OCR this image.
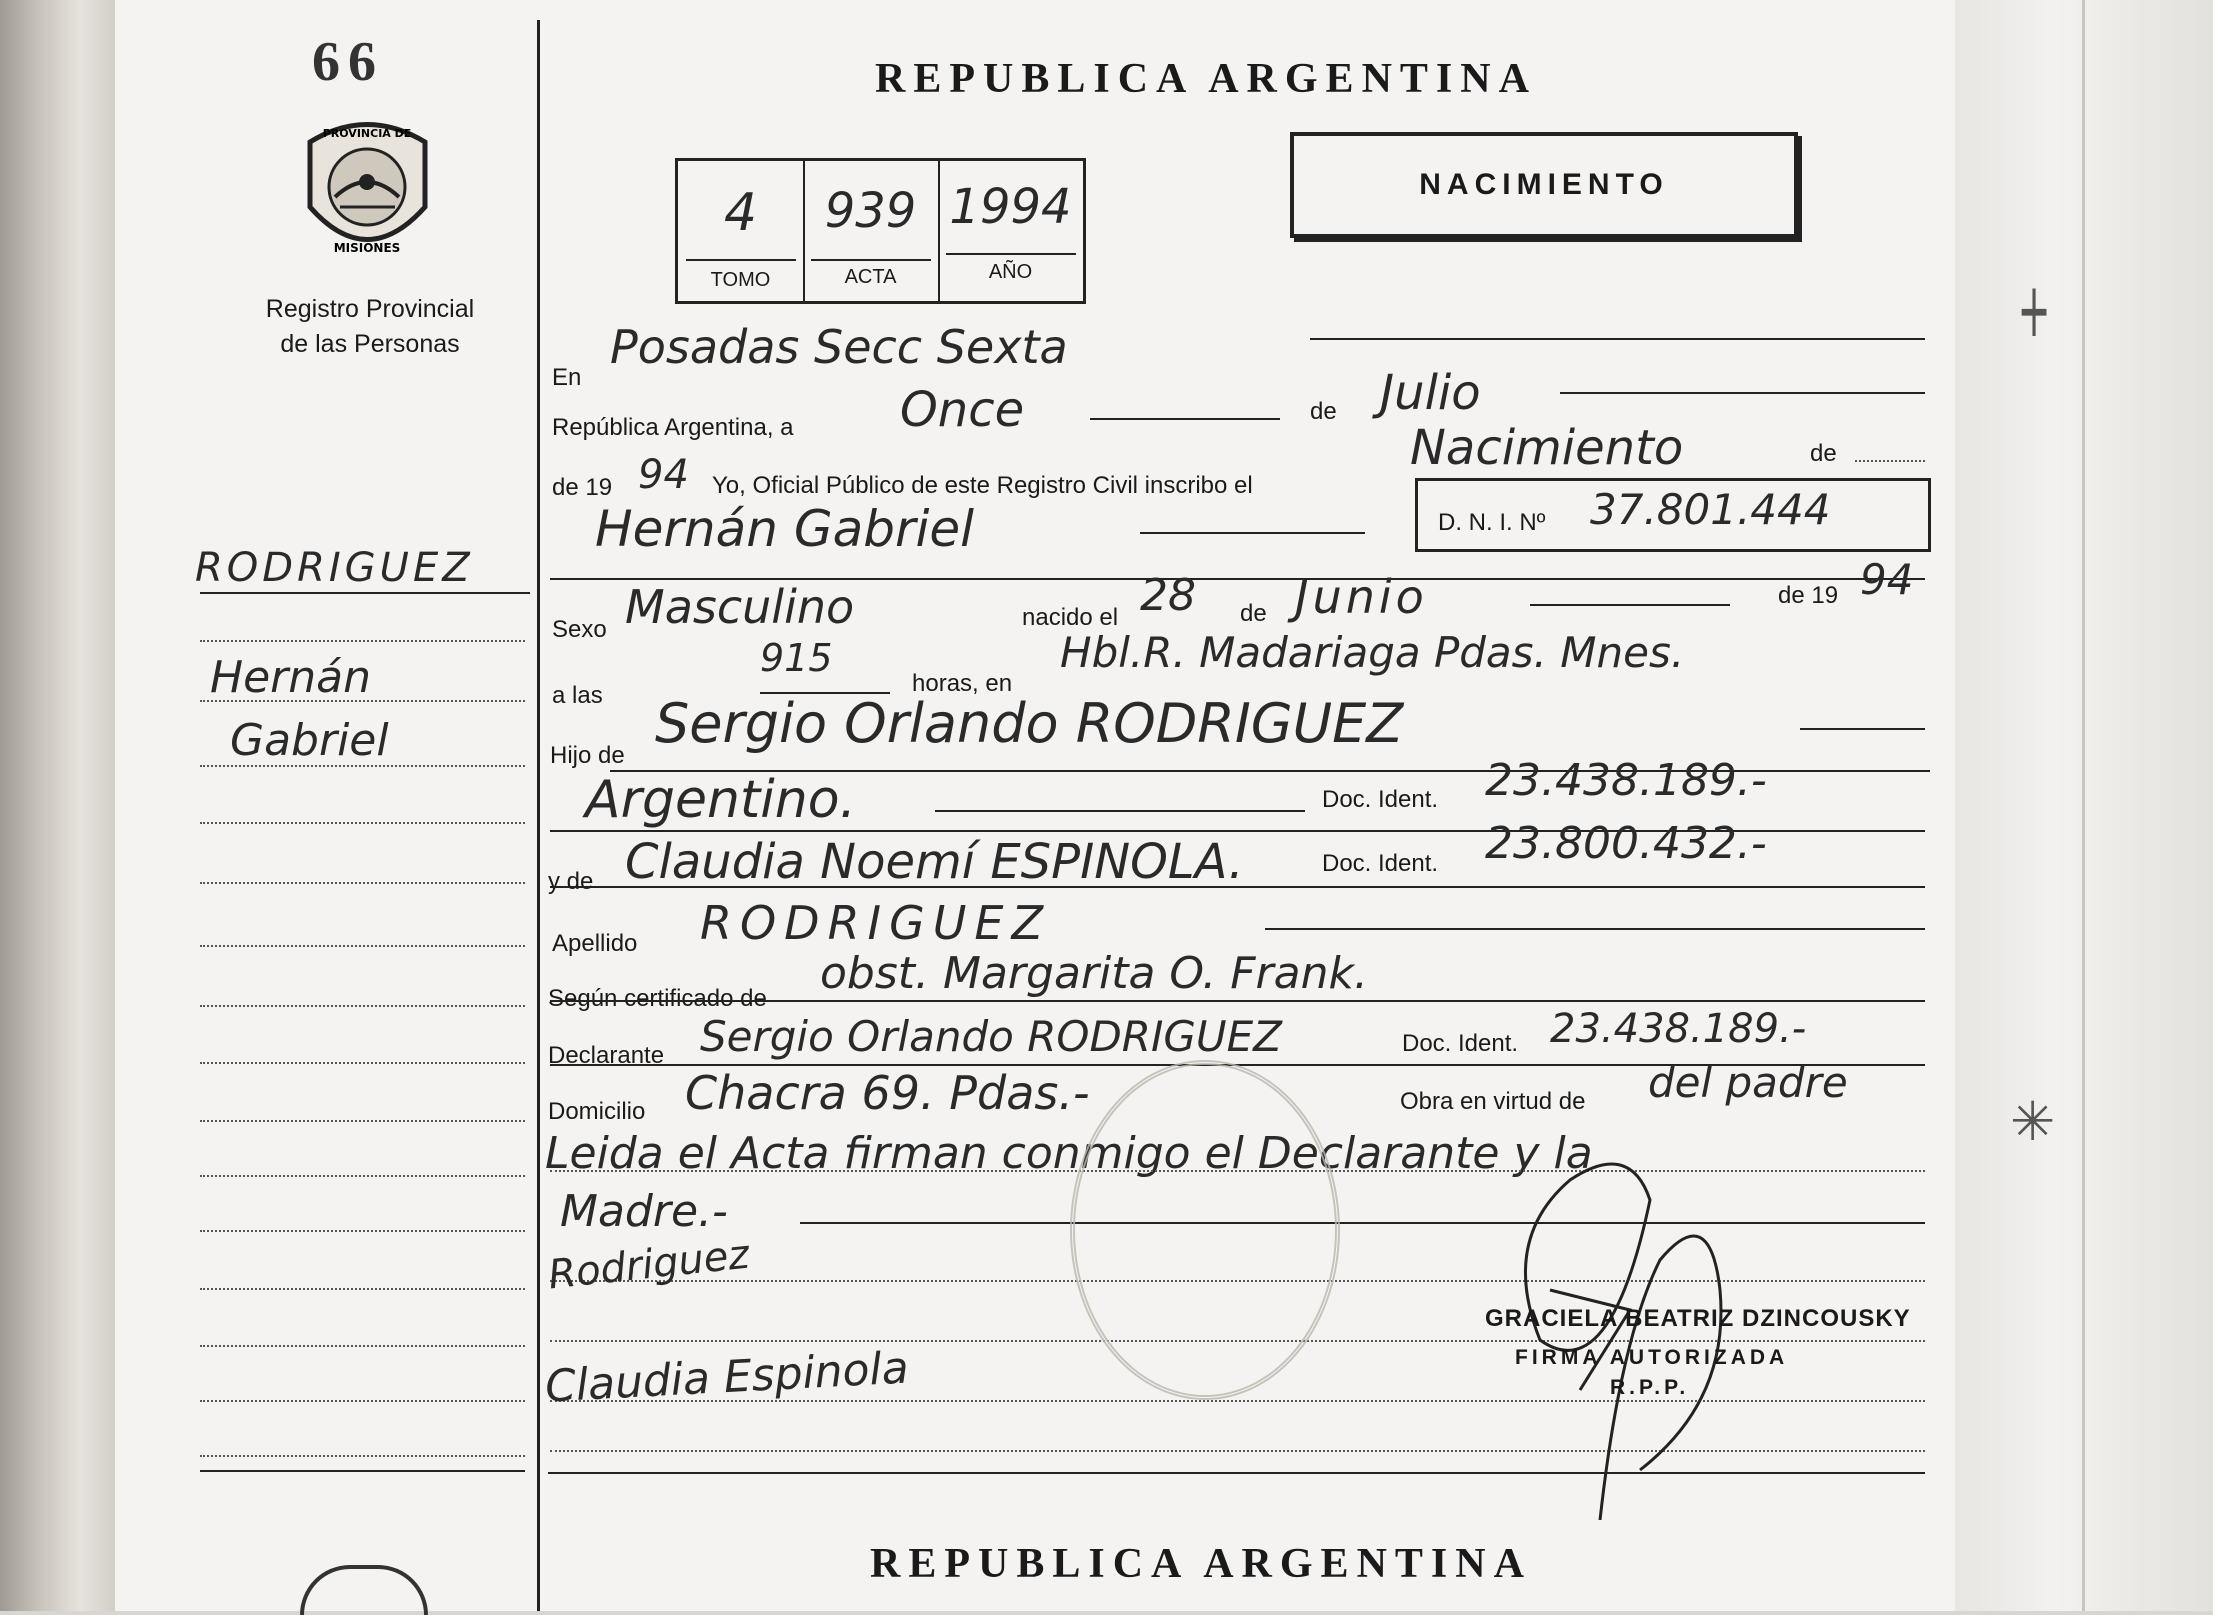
┿
✳
66
PROVINCIA DE
MISIONES
Registro Provincial
de las Personas
RODRIGUEZ
Hernán
Gabriel
REPUBLICA ARGENTINA
4
TOMO
939
ACTA
1994
AÑO
NACIMIENTO
En
Posadas Secc Sexta
República Argentina, a Once	de Julio
de 19 94 Yo, Oficial Público de este Registro Civil inscribo el
Nacimiento	de
Hernán Gabriel	D. N. I. Nº 37.801.444
Sexo Masculino	nacido el 28 de Junio	de 19 94
a las
915
horas, en
Hbl.R. Madariaga Pdas. Mnes.
Hijo de
Sergio Orlando RODRIGUEZ
Argentino.	Doc. Ident. 23.438.189.-
y de Claudia Noemí ESPINOLA.	Doc. Ident. 23.800.432.-
Apellido RODRIGUEZ
Según certificado de obst. Margarita O. Frank.
Declarante Sergio Orlando RODRIGUEZ	Doc. Ident. 23.438.189.-
Domicilio Chacra 69. Pdas.-	Obra en virtud de del padre
Leida el Acta firman conmigo el Declarante y la
Madre.-
Rodriguez
Claudia Espinola
GRACIELA BEATRIZ DZINCOUSKY
FIRMA AUTORIZADA
R.P.P.
REPUBLICA ARGENTINA
